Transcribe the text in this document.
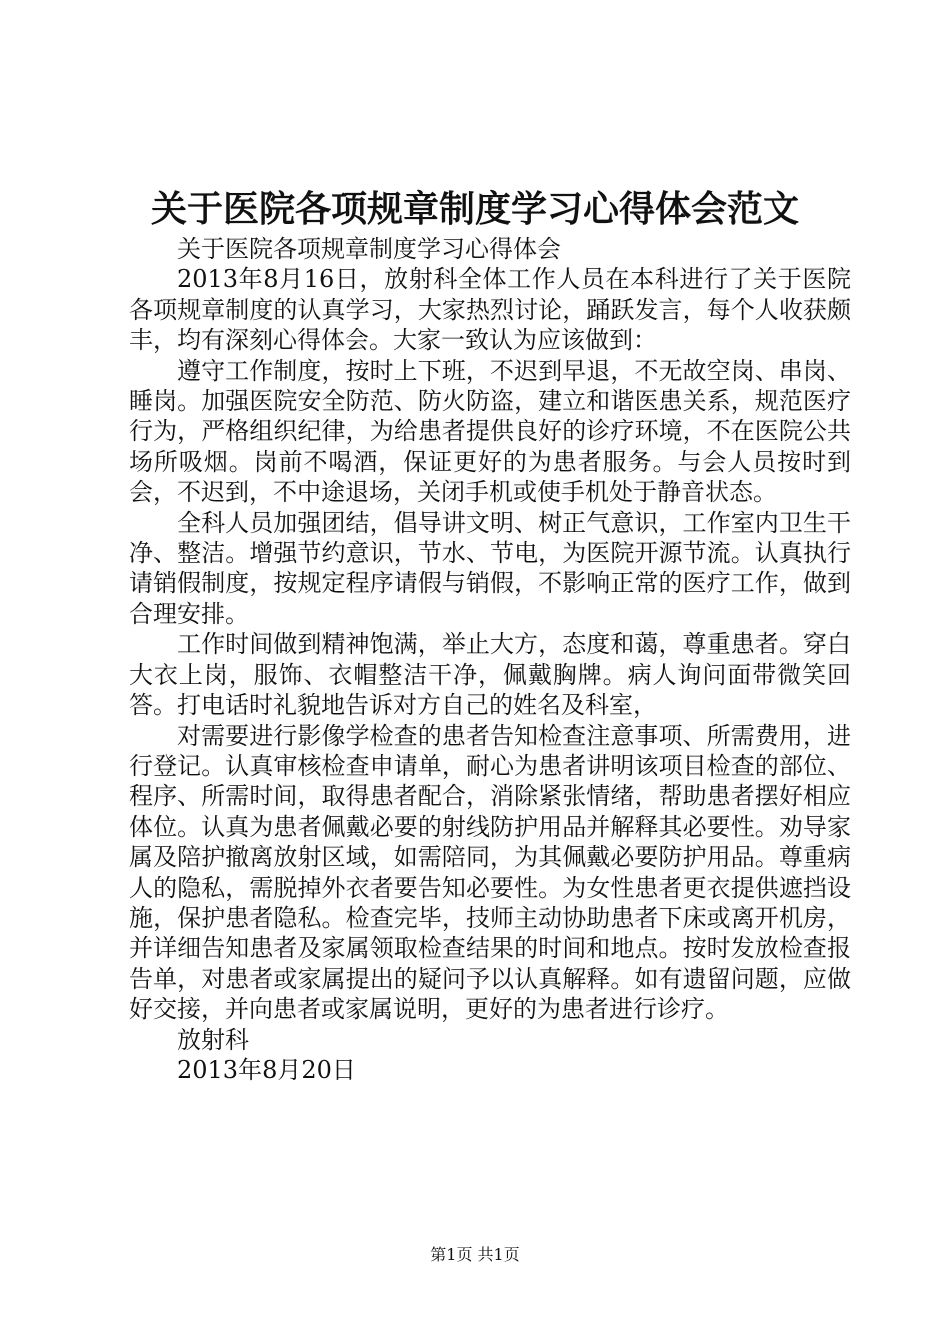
关于医院各项规章制度学习心得体会范文

关于医院各项规章制度学习心得体会

2013年8月16日，放射科全体工作人员在本科进行了关于医院各项规章制度的认真学习，大家热烈讨论，踊跃发言，每个人收获颇丰，均有深刻心得体会。大家一致认为应该做到：

遵守工作制度，按时上下班，不迟到早退，不无故空岗、串岗、睡岗。加强医院安全防范、防火防盗，建立和谐医患关系，规范医疗行为，严格组织纪律，为给患者提供良好的诊疗环境，不在医院公共场所吸烟。岗前不喝酒，保证更好的为患者服务。与会人员按时到会，不迟到，不中途退场，关闭手机或使手机处于静音状态。

全科人员加强团结，倡导讲文明、树正气意识，工作室内卫生干净、整洁。增强节约意识，节水、节电，为医院开源节流。认真执行请销假制度，按规定程序请假与销假，不影响正常的医疗工作，做到合理安排。

工作时间做到精神饱满，举止大方，态度和蔼，尊重患者。穿白大衣上岗，服饰、衣帽整洁干净，佩戴胸牌。病人询问面带微笑回答。打电话时礼貌地告诉对方自己的姓名及科室，

对需要进行影像学检查的患者告知检查注意事项、所需费用，进行登记。认真审核检查申请单，耐心为患者讲明该项目检查的部位、程序、所需时间，取得患者配合，消除紧张情绪，帮助患者摆好相应体位。认真为患者佩戴必要的射线防护用品并解释其必要性。劝导家属及陪护撤离放射区域，如需陪同，为其佩戴必要防护用品。尊重病人的隐私，需脱掉外衣者要告知必要性。为女性患者更衣提供遮挡设施，保护患者隐私。检查完毕，技师主动协助患者下床或离开机房，并详细告知患者及家属领取检查结果的时间和地点。按时发放检查报告单，对患者或家属提出的疑问予以认真解释。如有遗留问题，应做好交接，并向患者或家属说明，更好的为患者进行诊疗。

放射科

2013年8月20日

第1页 共1页
